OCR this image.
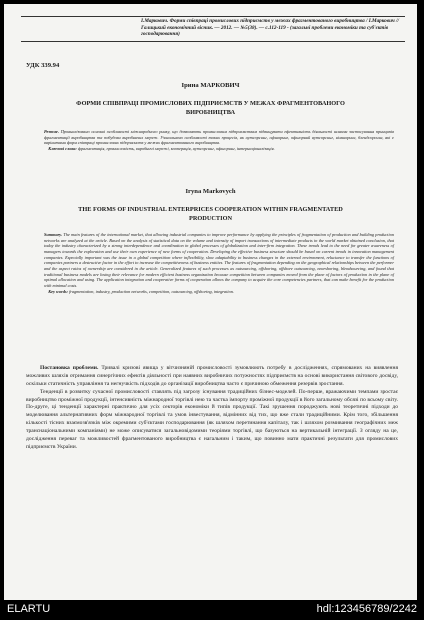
І.Маркович. Форми співпраці промислових підприємств у межах фрагментованого виробництва / І.Маркович // Галицький економічний вісник. — 2012. — №5(38). — с.112-119 - (загальні проблеми економіки та суб'єктів господарювання)
УДК 339.94
Ірина МАРКОВИЧ
ФОРМИ СПІВПРАЦІ ПРОМИСЛОВИХ ПІДПРИЄМСТВ У МЕЖАХ ФРАГМЕНТОВАНОГО ВИРОБНИЦТВА
Резюме. Проаналізовано основні особливості міжнародного ринку, що дозволяють промисловим підприємствам підвищувати ефективність діяльності шляхом застосування принципів фрагментації виробництва та побудови виробничих мереж. Узагальнено особливості таких процесів, як аутсорсинг, офшоринг, офшорний аутсорсинг, німшоринг, блендсорсинг, які є варіантами форм співпраці промислових підприємств у межах фрагментованого виробництва.
Ключові слова: фрагментація, промисловість, виробничі мережі, кооперація, аутсорсинг, офшоринг, інтернаціоналізація.
Iryna Markovych
THE FORMS OF INDUSTRIAL ENTERPRICES COOPERATION WITHIN FRAGMENTATED PRODUCTION
Summary. The main features of the international market, that allowing industrial companies to improve performance by applying the principles of fragmentation of production and building production networks are analyzed at the article. Based on the analysis of statistical data on the volume and intensity of import transactions of intermediate products in the world market obtained conclusion, that today the industry characterized by a strong interdependence and coordination in global processes of globalization and inter-firm integration. These trends lead to the need for greater awareness of managers towards the exploration and use their own experience of new forms of cooperation. Developing the effective business structure should be based on current trends in innovation management companies. Especially important was the issue in a global competition where inflexibility, slow adaptability to business changes in the external environment, reluctance to transfer the functions of companies partners a destructive factor in the effort to increase the competitiveness of business entities. The features of fragmentation depending on the geographical relationships between the performer and the aspect ratios of ownership are considered in the article. Generalized features of such processes as outsourcing, offshoring, offshore outsourcing, nearshoring, blendsourcing, and found that traditional business models are losing their relevance for modern efficient business organization because competition between companies moved from the plane of factors of production in the plane of optimal allocation and using. The application integration and cooperative forms of cooperation allows the company to acquire the core competencies partners, that can make benefit for the production with minimal costs.
Key words: fragmentation, industry, production networks, competition, outsourcing, offshoring, integration.

Постановка проблеми. Тривалі кризові явища у вітчизняній промисловості зумовлюють потребу в дослідженнях, спрямованих на виявлення можливих шляхів отримання синергічних ефектів діяльності при наявних виробничих потужностях підприємств на основі використання світового досвіду, оскільки статичність управління та негнучкість підходів до організації виробництва часто є причиною обмеження резервів зростання.

Тенденції в розвитку сучасної промисловості ставлять під загрозу існування традиційних бізнес-моделей. По-перше, вражаючими темпами зростає виробництво проміжної продукції, інтенсивність міжнародної торгівлі нею та частка імпорту проміжної продукції в його загальному обсязі по всьому світу. По-друге, ці тенденції характерні практично для усіх секторів економіки й типів продукції. Такі зрушення породжують нові теоретичні підходи до моделювання альтернативних форм міжнародної торгівлі та умов інвестування, відмінних від тих, що вже стали традиційними. Крім того, збільшення кількості тісних взаємозв'язків між окремими суб'єктами господарювання (як шляхом перетинання капіталу, так і шляхом розмивання географічних меж транснаціональними компаніями) не може описуватися загальновідомими теоріями торгівлі, що базуються на вертикальній інтеграції. З огляду на це, дослідження переваг та можливостей фрагментованого виробництва є нагальним і таким, що повинно мати практичні результати для промислових підприємств України.

ELARTU	hdl:123456789/2242
